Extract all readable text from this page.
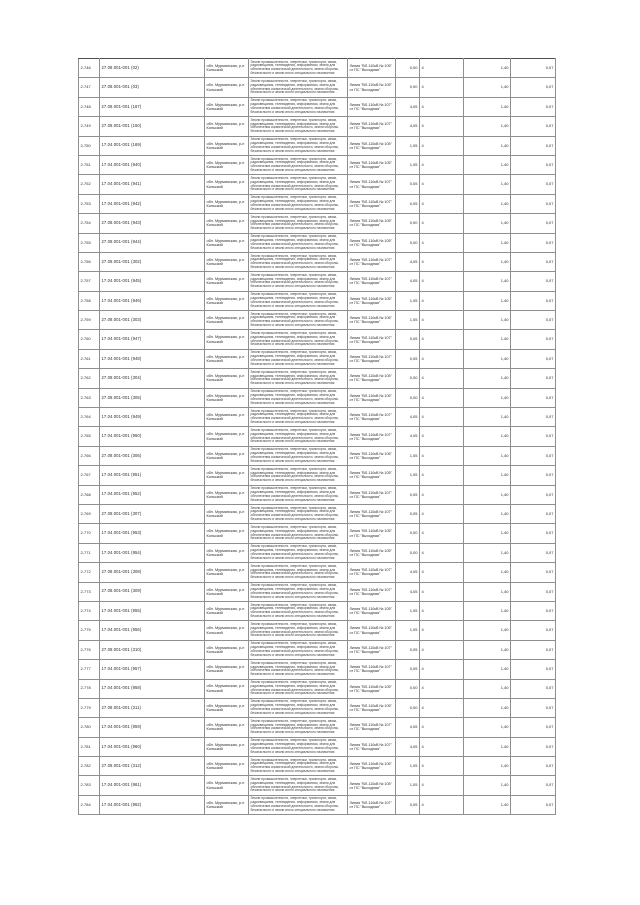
2-746	27.08.001-001 (02)	обл. Мурманская, р-н Кольский	Земли промышленности, энергетики, транспорта, связи, радиовещания, телевидения, информатики, земли для обеспечения космической деятельности, земли обороны, безопасности и земли иного специального назначения	Линия "ВЛ-110кВ № 105" от ПС "Выходная"	0,00	4	1,40	0,07
2-747	27.08.001-001 (03)	обл. Мурманская, р-н Кольский	Земли промышленности, энергетики, транспорта, связи, радиовещания, телевидения, информатики, земли для обеспечения космической деятельности, земли обороны, безопасности и земли иного специального назначения	Линия "ВЛ-110кВ № 105" от ПС "Выходная"	0,00	4	1,40	0,07
2-748	27.08.001-001 (167)	обл. Мурманская, р-н Кольский	Земли промышленности, энергетики, транспорта, связи, радиовещания, телевидения, информатики, земли для обеспечения космической деятельности, земли обороны, безопасности и земли иного специального назначения	Линия "ВЛ-110кВ № 107" от ПС "Выходная"	4,05	4	1,40	0,07
2-749	27.08.001-001 (150)	обл. Мурманская, р-н Кольский	Земли промышленности, энергетики, транспорта, связи, радиовещания, телевидения, информатики, земли для обеспечения космической деятельности, земли обороны, безопасности и земли иного специального назначения	Линия "ВЛ-110кВ № 107" от ПС "Выходная"	4,05	4	1,40	0,07
2-750	17.04.001-001 (169)	обл. Мурманская, р-н Кольский	Земли промышленности, энергетики, транспорта, связи, радиовещания, телевидения, информатики, земли для обеспечения космической деятельности, земли обороны, безопасности и земли иного специального назначения	Линия "ВЛ-110кВ № 105" от ПС "Выходная"	1,05	4	1,40	0,07
2-751	17.04.001-001 (940)	обл. Мурманская, р-н Кольский	Земли промышленности, энергетики, транспорта, связи, радиовещания, телевидения, информатики, земли для обеспечения космической деятельности, земли обороны, безопасности и земли иного специального назначения	Линия "ВЛ-110кВ № 105" от ПС "Выходная"	1,05	4	1,40	0,07
2-752	17.04.001-001 (941)	обл. Мурманская, р-н Кольский	Земли промышленности, энергетики, транспорта, связи, радиовещания, телевидения, информатики, земли для обеспечения космической деятельности, земли обороны, безопасности и земли иного специального назначения	Линия "ВЛ-110кВ № 107" от ПС "Выходная"	0,05	4	1,40	0,07
2-753	17.04.001-001 (942)	обл. Мурманская, р-н Кольский	Земли промышленности, энергетики, транспорта, связи, радиовещания, телевидения, информатики, земли для обеспечения космической деятельности, земли обороны, безопасности и земли иного специального назначения	Линия "ВЛ-110кВ № 107" от ПС "Выходная"	0,05	4	1,40	0,07
2-754	27.08.001-001 (943)	обл. Мурманская, р-н Кольский	Земли промышленности, энергетики, транспорта, связи, радиовещания, телевидения, информатики, земли для обеспечения космической деятельности, земли обороны, безопасности и земли иного специального назначения	Линия "ВЛ-110кВ № 105" от ПС "Выходная"	0,00	4	1,40	0,07
2-755	27.08.001-001 (944)	обл. Мурманская, р-н Кольский	Земли промышленности, энергетики, транспорта, связи, радиовещания, телевидения, информатики, земли для обеспечения космической деятельности, земли обороны, безопасности и земли иного специального назначения	Линия "ВЛ-110кВ № 105" от ПС "Выходная"	0,00	4	1,40	0,07
2-756	27.08.001-001 (302)	обл. Мурманская, р-н Кольский	Земли промышленности, энергетики, транспорта, связи, радиовещания, телевидения, информатики, земли для обеспечения космической деятельности, земли обороны, безопасности и земли иного специального назначения	Линия "ВЛ-110кВ № 107" от ПС "Выходная"	4,05	4	1,40	0,07
2-757	17.04.001-001 (945)	обл. Мурманская, р-н Кольский	Земли промышленности, энергетики, транспорта, связи, радиовещания, телевидения, информатики, земли для обеспечения космической деятельности, земли обороны, безопасности и земли иного специального назначения	Линия "ВЛ-110кВ № 107" от ПС "Выходная"	4,05	4	1,40	0,07
2-758	17.04.001-001 (946)	обл. Мурманская, р-н Кольский	Земли промышленности, энергетики, транспорта, связи, радиовещания, телевидения, информатики, земли для обеспечения космической деятельности, земли обороны, безопасности и земли иного специального назначения	Линия "ВЛ-110кВ № 105" от ПС "Выходная"	1,05	4	1,40	0,07
2-759	27.08.001-001 (303)	обл. Мурманская, р-н Кольский	Земли промышленности, энергетики, транспорта, связи, радиовещания, телевидения, информатики, земли для обеспечения космической деятельности, земли обороны, безопасности и земли иного специального назначения	Линия "ВЛ-110кВ № 105" от ПС "Выходная"	1,05	4	1,40	0,07
2-760	17.04.001-001 (947)	обл. Мурманская, р-н Кольский	Земли промышленности, энергетики, транспорта, связи, радиовещания, телевидения, информатики, земли для обеспечения космической деятельности, земли обороны, безопасности и земли иного специального назначения	Линия "ВЛ-110кВ № 107" от ПС "Выходная"	0,05	4	1,40	0,07
2-761	17.04.001-001 (948)	обл. Мурманская, р-н Кольский	Земли промышленности, энергетики, транспорта, связи, радиовещания, телевидения, информатики, земли для обеспечения космической деятельности, земли обороны, безопасности и земли иного специального назначения	Линия "ВЛ-110кВ № 107" от ПС "Выходная"	0,05	4	1,40	0,07
2-762	27.08.001-001 (304)	обл. Мурманская, р-н Кольский	Земли промышленности, энергетики, транспорта, связи, радиовещания, телевидения, информатики, земли для обеспечения космической деятельности, земли обороны, безопасности и земли иного специального назначения	Линия "ВЛ-110кВ № 105" от ПС "Выходная"	0,00	4	1,40	0,07
2-763	27.08.001-001 (305)	обл. Мурманская, р-н Кольский	Земли промышленности, энергетики, транспорта, связи, радиовещания, телевидения, информатики, земли для обеспечения космической деятельности, земли обороны, безопасности и земли иного специального назначения	Линия "ВЛ-110кВ № 105" от ПС "Выходная"	0,00	4	1,40	0,07
2-764	17.04.001-001 (949)	обл. Мурманская, р-н Кольский	Земли промышленности, энергетики, транспорта, связи, радиовещания, телевидения, информатики, земли для обеспечения космической деятельности, земли обороны, безопасности и земли иного специального назначения	Линия "ВЛ-110кВ № 107" от ПС "Выходная"	4,05	4	1,40	0,07
2-765	17.04.001-001 (950)	обл. Мурманская, р-н Кольский	Земли промышленности, энергетики, транспорта, связи, радиовещания, телевидения, информатики, земли для обеспечения космической деятельности, земли обороны, безопасности и земли иного специального назначения	Линия "ВЛ-110кВ № 107" от ПС "Выходная"	4,05	4	1,40	0,07
2-766	27.08.001-001 (306)	обл. Мурманская, р-н Кольский	Земли промышленности, энергетики, транспорта, связи, радиовещания, телевидения, информатики, земли для обеспечения космической деятельности, земли обороны, безопасности и земли иного специального назначения	Линия "ВЛ-110кВ № 105" от ПС "Выходная"	1,05	4	1,40	0,07
2-767	17.04.001-001 (951)	обл. Мурманская, р-н Кольский	Земли промышленности, энергетики, транспорта, связи, радиовещания, телевидения, информатики, земли для обеспечения космической деятельности, земли обороны, безопасности и земли иного специального назначения	Линия "ВЛ-110кВ № 105" от ПС "Выходная"	1,05	4	1,40	0,07
2-768	17.04.001-001 (952)	обл. Мурманская, р-н Кольский	Земли промышленности, энергетики, транспорта, связи, радиовещания, телевидения, информатики, земли для обеспечения космической деятельности, земли обороны, безопасности и земли иного специального назначения	Линия "ВЛ-110кВ № 107" от ПС "Выходная"	0,05	4	1,40	0,07
2-769	27.08.001-001 (307)	обл. Мурманская, р-н Кольский	Земли промышленности, энергетики, транспорта, связи, радиовещания, телевидения, информатики, земли для обеспечения космической деятельности, земли обороны, безопасности и земли иного специального назначения	Линия "ВЛ-110кВ № 107" от ПС "Выходная"	0,05	4	1,40	0,07
2-770	17.04.001-001 (953)	обл. Мурманская, р-н Кольский	Земли промышленности, энергетики, транспорта, связи, радиовещания, телевидения, информатики, земли для обеспечения космической деятельности, земли обороны, безопасности и земли иного специального назначения	Линия "ВЛ-110кВ № 105" от ПС "Выходная"	0,00	4	1,40	0,07
2-771	17.04.001-001 (954)	обл. Мурманская, р-н Кольский	Земли промышленности, энергетики, транспорта, связи, радиовещания, телевидения, информатики, земли для обеспечения космической деятельности, земли обороны, безопасности и земли иного специального назначения	Линия "ВЛ-110кВ № 105" от ПС "Выходная"	0,00	4	1,40	0,07
2-772	27.08.001-001 (308)	обл. Мурманская, р-н Кольский	Земли промышленности, энергетики, транспорта, связи, радиовещания, телевидения, информатики, земли для обеспечения космической деятельности, земли обороны, безопасности и земли иного специального назначения	Линия "ВЛ-110кВ № 107" от ПС "Выходная"	4,05	4	1,40	0,07
2-773	27.08.001-001 (309)	обл. Мурманская, р-н Кольский	Земли промышленности, энергетики, транспорта, связи, радиовещания, телевидения, информатики, земли для обеспечения космической деятельности, земли обороны, безопасности и земли иного специального назначения	Линия "ВЛ-110кВ № 107" от ПС "Выходная"	4,05	4	1,40	0,07
2-774	17.04.001-001 (955)	обл. Мурманская, р-н Кольский	Земли промышленности, энергетики, транспорта, связи, радиовещания, телевидения, информатики, земли для обеспечения космической деятельности, земли обороны, безопасности и земли иного специального назначения	Линия "ВЛ-110кВ № 105" от ПС "Выходная"	1,05	4	1,40	0,07
2-775	17.04.001-001 (956)	обл. Мурманская, р-н Кольский	Земли промышленности, энергетики, транспорта, связи, радиовещания, телевидения, информатики, земли для обеспечения космической деятельности, земли обороны, безопасности и земли иного специального назначения	Линия "ВЛ-110кВ № 105" от ПС "Выходная"	1,05	4	1,40	0,07
2-776	27.08.001-001 (310)	обл. Мурманская, р-н Кольский	Земли промышленности, энергетики, транспорта, связи, радиовещания, телевидения, информатики, земли для обеспечения космической деятельности, земли обороны, безопасности и земли иного специального назначения	Линия "ВЛ-110кВ № 107" от ПС "Выходная"	0,05	4	1,40	0,07
2-777	17.04.001-001 (957)	обл. Мурманская, р-н Кольский	Земли промышленности, энергетики, транспорта, связи, радиовещания, телевидения, информатики, земли для обеспечения космической деятельности, земли обороны, безопасности и земли иного специального назначения	Линия "ВЛ-110кВ № 107" от ПС "Выходная"	0,05	4	1,40	0,07
2-778	17.04.001-001 (958)	обл. Мурманская, р-н Кольский	Земли промышленности, энергетики, транспорта, связи, радиовещания, телевидения, информатики, земли для обеспечения космической деятельности, земли обороны, безопасности и земли иного специального назначения	Линия "ВЛ-110кВ № 105" от ПС "Выходная"	0,00	4	1,40	0,07
2-779	27.08.001-001 (311)	обл. Мурманская, р-н Кольский	Земли промышленности, энергетики, транспорта, связи, радиовещания, телевидения, информатики, земли для обеспечения космической деятельности, земли обороны, безопасности и земли иного специального назначения	Линия "ВЛ-110кВ № 105" от ПС "Выходная"	0,00	4	1,40	0,07
2-780	17.04.001-001 (959)	обл. Мурманская, р-н Кольский	Земли промышленности, энергетики, транспорта, связи, радиовещания, телевидения, информатики, земли для обеспечения космической деятельности, земли обороны, безопасности и земли иного специального назначения	Линия "ВЛ-110кВ № 107" от ПС "Выходная"	4,05	4	1,40	0,07
2-781	17.04.001-001 (960)	обл. Мурманская, р-н Кольский	Земли промышленности, энергетики, транспорта, связи, радиовещания, телевидения, информатики, земли для обеспечения космической деятельности, земли обороны, безопасности и земли иного специального назначения	Линия "ВЛ-110кВ № 107" от ПС "Выходная"	4,05	4	1,40	0,07
2-782	27.08.001-001 (312)	обл. Мурманская, р-н Кольский	Земли промышленности, энергетики, транспорта, связи, радиовещания, телевидения, информатики, земли для обеспечения космической деятельности, земли обороны, безопасности и земли иного специального назначения	Линия "ВЛ-110кВ № 105" от ПС "Выходная"	1,05	4	1,40	0,07
2-783	17.04.001-001 (961)	обл. Мурманская, р-н Кольский	Земли промышленности, энергетики, транспорта, связи, радиовещания, телевидения, информатики, земли для обеспечения космической деятельности, земли обороны, безопасности и земли иного специального назначения	Линия "ВЛ-110кВ № 105" от ПС "Выходная"	1,05	4	1,40	0,07
2-784	17.04.001-001 (962)	обл. Мурманская, р-н Кольский	Земли промышленности, энергетики, транспорта, связи, радиовещания, телевидения, информатики, земли для обеспечения космической деятельности, земли обороны, безопасности и земли иного специального назначения	Линия "ВЛ-110кВ № 107" от ПС "Выходная"	0,05	4	1,40	0,07
